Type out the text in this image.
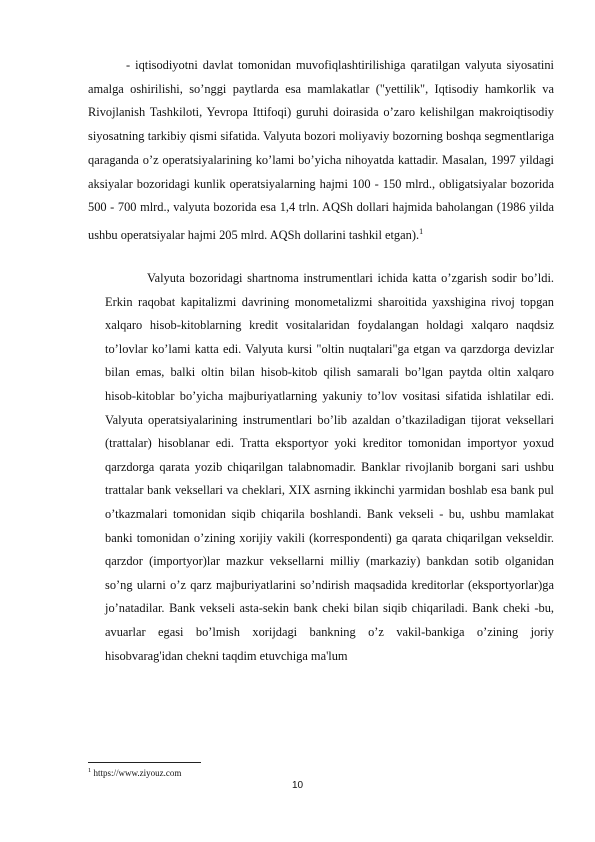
- iqtisodiyotni davlat tomonidan muvofiqlashtirilishiga qaratilgan valyuta siyosatini amalga oshirilishi, so’nggi paytlarda esa mamlakatlar ("yettilik", Iqtisodiy hamkorlik va Rivojlanish Tashkiloti, Yevropa Ittifoqi) guruhi doirasida o’zaro kelishilgan makroiqtisodiy siyosatning tarkibiy qismi sifatida. Valyuta bozori moliyaviy bozorning boshqa segmentlariga qaraganda o’z operatsiyalarining ko’lami bo’yicha nihoyatda kattadir. Masalan, 1997 yildagi aksiyalar bozoridagi kunlik operatsiyalarning hajmi 100 - 150 mlrd., obligatsiyalar bozorida 500 - 700 mlrd., valyuta bozorida esa 1,4 trln. AQSh dollari hajmida baholangan (1986 yilda ushbu operatsiyalar hajmi 205 mlrd. AQSh dollarini tashkil etgan).$^1$

Valyuta bozoridagi shartnoma instrumentlari ichida katta o’zgarish sodir bo’ldi. Erkin raqobat kapitalizmi davrining monometalizmi sharoitida yaxshigina rivoj topgan xalqaro hisob-kitoblarning kredit vositalaridan foydalangan holdagi xalqaro naqdsiz to’lovlar ko’lami katta edi. Valyuta kursi "oltin nuqtalari"ga etgan va qarzdorga devizlar bilan emas, balki oltin bilan hisob-kitob qilish samarali bo’lgan paytda oltin xalqaro hisob-kitoblar bo’yicha majburiyatlarning yakuniy to’lov vositasi sifatida ishlatilar edi. Valyuta operatsiyalarining instrumentlari bo’lib azaldan o’tkaziladigan tijorat veksellari (trattalar) hisoblanar edi. Tratta eksportyor yoki kreditor tomonidan importyor yoxud qarzdorga qarata yozib chiqarilgan talabnomadir. Banklar rivojlanib borgani sari ushbu trattalar bank veksellari va cheklari, XIX asrning ikkinchi yarmidan boshlab esa bank pul o’tkazmalari tomonidan siqib chiqarila boshlandi. Bank vekseli - bu, ushbu mamlakat banki tomonidan o’zining xorijiy vakili (korrespondenti) ga qarata chiqarilgan vekseldir. qarzdor (importyor)lar mazkur veksellarni milliy (markaziy) bankdan sotib olganidan so’ng ularni o’z qarz majburiyatlarini so’ndirish maqsadida kreditorlar (eksportyorlar)ga jo’natadilar. Bank vekseli asta-sekin bank cheki bilan siqib chiqariladi. Bank cheki -bu, avuarlar egasi bo’lmish xorijdagi bankning o’z vakil-bankiga o’zining joriy hisobvarag'idan chekni taqdim etuvchiga ma'lum

$^1$ https://www.ziyouz.com

10
